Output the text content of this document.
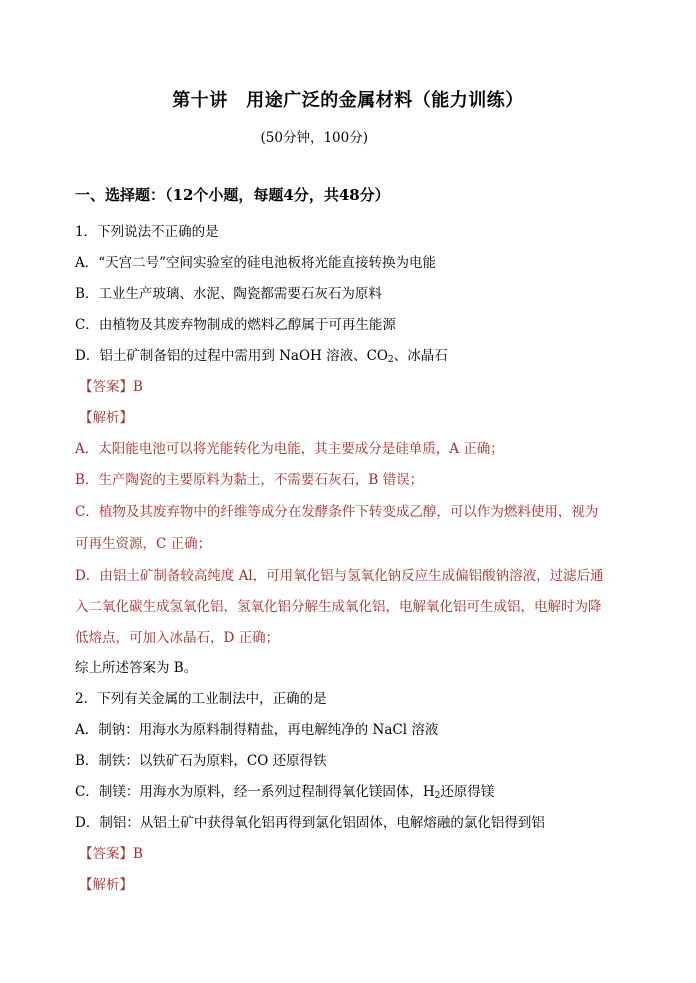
第十讲　用途广泛的金属材料（能力训练）
(50分钟，100分)
一、选择题：（12个小题，每题4分，共48分）
1．下列说法不正确的是
A．“天宫二号”空间实验室的硅电池板将光能直接转换为电能
B．工业生产玻璃、水泥、陶瓷都需要石灰石为原料
C．由植物及其废弃物制成的燃料乙醇属于可再生能源
D．铝土矿制备铝的过程中需用到 NaOH 溶液、$CO_2$、冰晶石
【答案】B
【解析】
A．太阳能电池可以将光能转化为电能，其主要成分是硅单质，A 正确；
B．生产陶瓷的主要原料为黏土，不需要石灰石，B 错误；
C．植物及其废弃物中的纤维等成分在发酵条件下转变成乙醇，可以作为燃料使用，视为
可再生资源，C 正确；
D．由铝土矿制备较高纯度 Al，可用氧化铝与氢氧化钠反应生成偏铝酸钠溶液，过滤后通
入二氧化碳生成氢氧化铝，氢氧化铝分解生成氧化铝，电解氧化铝可生成铝，电解时为降
低熔点，可加入冰晶石，D 正确；
综上所述答案为 B。
2．下列有关金属的工业制法中，正确的是
A．制钠：用海水为原料制得精盐，再电解纯净的 NaCl 溶液
B．制铁：以铁矿石为原料，CO 还原得铁
C．制镁：用海水为原料，经一系列过程制得氧化镁固体，$H_2$还原得镁
D．制铝：从铝土矿中获得氧化铝再得到氯化铝固体，电解熔融的氯化铝得到铝
【答案】B
【解析】
